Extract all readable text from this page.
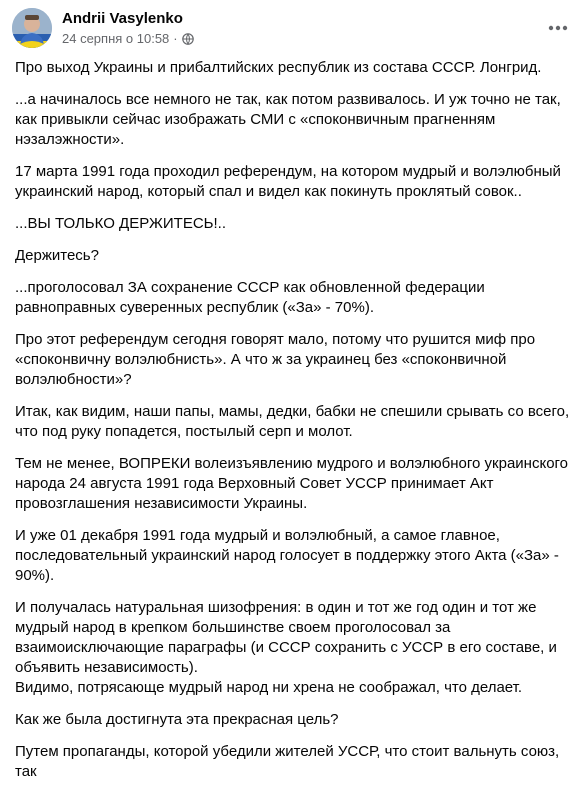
Andrii Vasylenko
24 серпня о 10:58 ·

Про выход Украины и прибалтийских республик из состава СССР. Лонгрид.

...а начиналось все немного не так, как потом развивалось. И уж точно не так, как привыкли сейчас изображать СМИ с «споконвичным прагненням нэзалэжности».

17 марта 1991 года проходил референдум, на котором мудрый и волэлюбный украинский народ, который спал и видел как покинуть проклятый совок..

...ВЫ ТОЛЬКО ДЕРЖИТЕСЬ!..

Держитесь?

...проголосовал ЗА сохранение СССР как обновленной федерации равноправных суверенных республик («За» - 70%).

Про этот референдум сегодня говорят мало, потому что рушится миф про «споконвичну волэлюбнисть». А что ж за украинец без «споконвичной волэлюбности»?

Итак, как видим, наши папы, мамы, дедки, бабки не спешили срывать со всего, что под руку попадется, постылый серп и молот.

Тем не менее, ВОПРЕКИ волеизъявлению мудрого и волэлюбного украинского народа 24 августа 1991 года Верховный Совет УССР принимает Акт провозглашения независимости Украины.

И уже 01 декабря 1991 года мудрый и волэлюбный, а самое главное, последовательный украинский народ голосует в поддержку этого Акта («За» - 90%).

И получалась натуральная шизофрения: в один и тот же год один и тот же мудрый народ в крепком большинстве своем проголосовал за взаимоисключающие параграфы (и СССР сохранить с УССР в его составе, и объявить независимость).

Видимо, потрясающе мудрый народ ни хрена не соображал, что делает.

Как же была достигнута эта прекрасная цель?

Путем пропаганды, которой убедили жителей УССР, что стоит вальнуть союз, так
